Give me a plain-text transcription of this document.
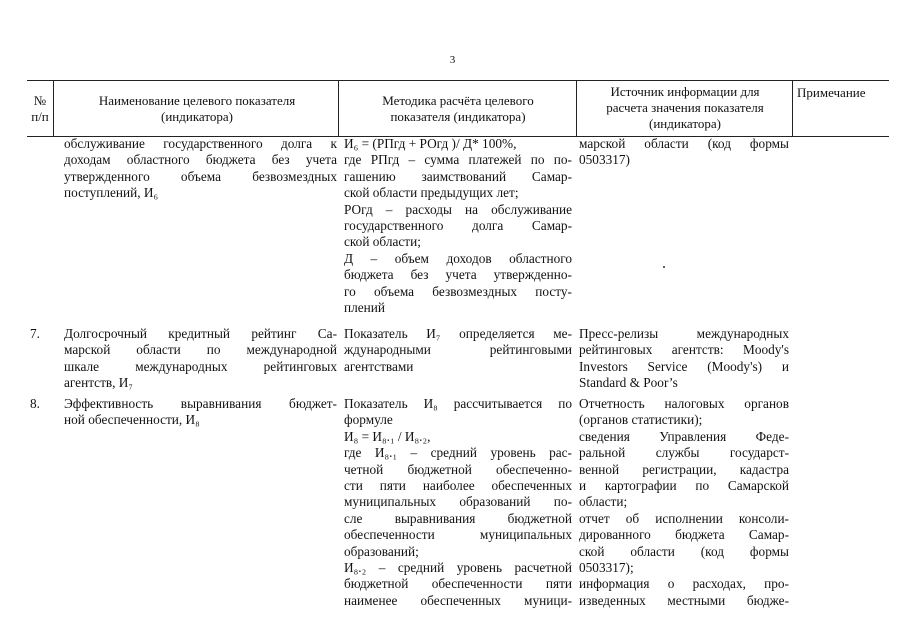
3
№
п/п
Наименование целевого показателя
(индикатора)
Методика расчёта целевого
показателя (индикатора)
Источник информации для
расчета значения показателя
(индикатора)
Примечание
обслуживание государственного долга к
доходам областного бюджета без учета
утвержденного объема безвозмездных
поступлений, И₆
И₆ = (РПгд + РОгд )/ Д* 100%,
где РПгд – сумма платежей по по-
гашению заимствований Самар-
ской области предыдущих лет;
РОгд – расходы на обслуживание
государственного долга Самар-
ской области;
Д – объем доходов областного
бюджета без учета утвержденно-
го объема безвозмездных посту-
плений
марской области (код формы
0503317)
7.	Долгосрочный кредитный рейтинг Са-
марской области по международной
шкале международных рейтинговых
агентств, И₇
Показатель И₇ определяется ме-
ждународными рейтинговыми
агентствами
Пресс-релизы международных
рейтинговых агентств: Moody's
Investors Service (Moody's) и
Standard & Poor’s
8.	Эффективность выравнивания бюджет-
ной обеспеченности, И₈
Показатель И₈ рассчитывается по
формуле
И₈ = И₈.₁ / И₈.₂,
где И₈.₁ – средний уровень рас-
четной бюджетной обеспеченно-
сти пяти наиболее обеспеченных
муниципальных образований по-
сле выравнивания бюджетной
обеспеченности муниципальных
образований;
И₈.₂ – средний уровень расчетной
бюджетной обеспеченности пяти
наименее обеспеченных муници-
Отчетность налоговых органов
(органов статистики);
сведения Управления Феде-
ральной службы государст-
венной регистрации, кадастра
и картографии по Самарской
области;
отчет об исполнении консоли-
дированного бюджета Самар-
ской области (код формы
0503317);
информация о расходах, про-
изведенных местными бюдже-
